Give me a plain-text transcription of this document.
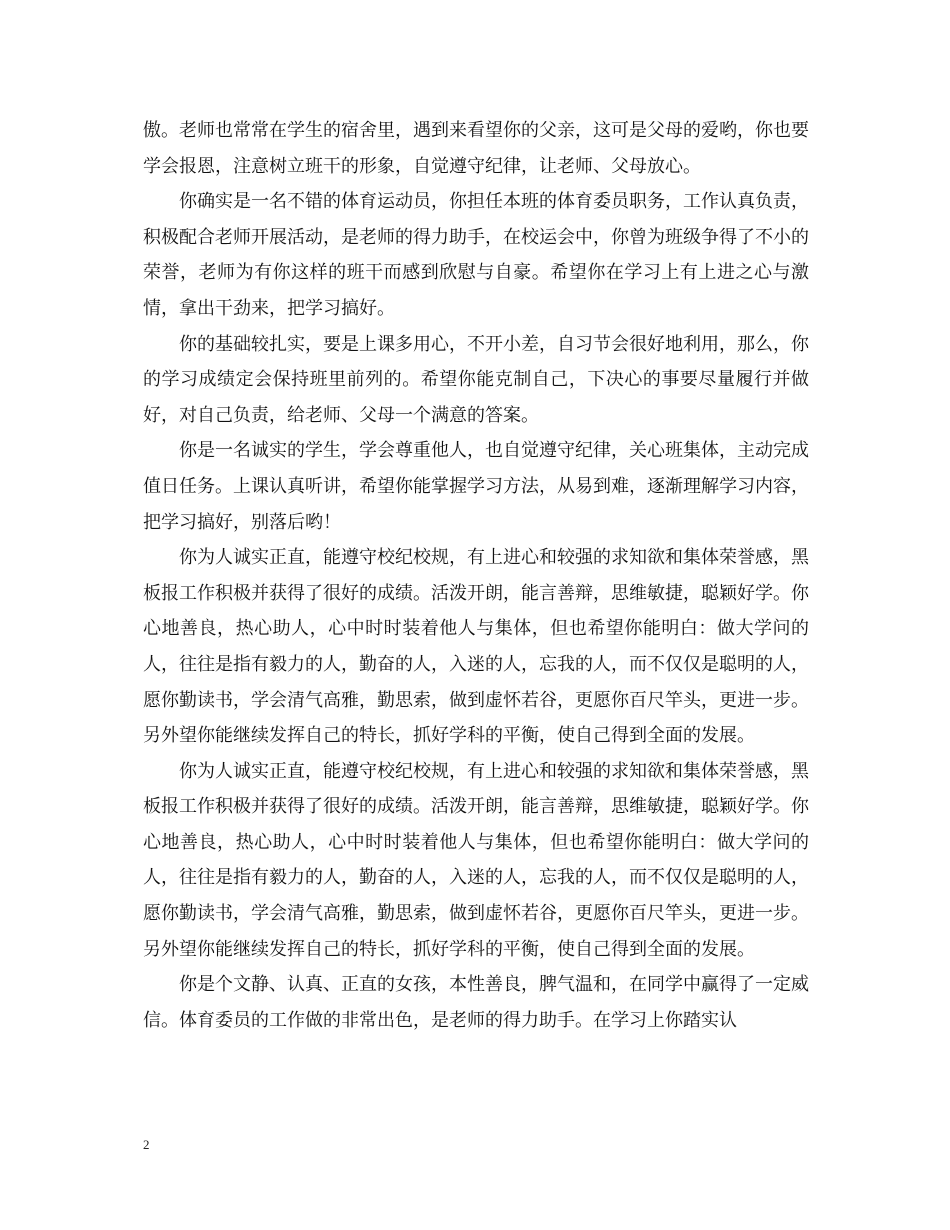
傲。老师也常常在学生的宿舍里，遇到来看望你的父亲，这可是父母的爱哟，你也要学会报恩，注意树立班干的形象，自觉遵守纪律，让老师、父母放心。

你确实是一名不错的体育运动员，你担任本班的体育委员职务，工作认真负责，积极配合老师开展活动，是老师的得力助手，在校运会中，你曾为班级争得了不小的荣誉，老师为有你这样的班干而感到欣慰与自豪。希望你在学习上有上进之心与激情，拿出干劲来，把学习搞好。

你的基础较扎实，要是上课多用心，不开小差，自习节会很好地利用，那么，你的学习成绩定会保持班里前列的。希望你能克制自己，下决心的事要尽量履行并做好，对自己负责，给老师、父母一个满意的答案。

你是一名诚实的学生，学会尊重他人，也自觉遵守纪律，关心班集体，主动完成值日任务。上课认真听讲，希望你能掌握学习方法，从易到难，逐渐理解学习内容，把学习搞好，别落后哟！

你为人诚实正直，能遵守校纪校规，有上进心和较强的求知欲和集体荣誉感，黑板报工作积极并获得了很好的成绩。活泼开朗，能言善辩，思维敏捷，聪颖好学。你心地善良，热心助人，心中时时装着他人与集体，但也希望你能明白：做大学问的人，往往是指有毅力的人，勤奋的人，入迷的人，忘我的人，而不仅仅是聪明的人，愿你勤读书，学会清气高雅，勤思索，做到虚怀若谷，更愿你百尺竿头，更进一步。另外望你能继续发挥自己的特长，抓好学科的平衡，使自己得到全面的发展。

你为人诚实正直，能遵守校纪校规，有上进心和较强的求知欲和集体荣誉感，黑板报工作积极并获得了很好的成绩。活泼开朗，能言善辩，思维敏捷，聪颖好学。你心地善良，热心助人，心中时时装着他人与集体，但也希望你能明白：做大学问的人，往往是指有毅力的人，勤奋的人，入迷的人，忘我的人，而不仅仅是聪明的人，愿你勤读书，学会清气高雅，勤思索，做到虚怀若谷，更愿你百尺竿头，更进一步。另外望你能继续发挥自己的特长，抓好学科的平衡，使自己得到全面的发展。

你是个文静、认真、正直的女孩，本性善良，脾气温和，在同学中赢得了一定威信。体育委员的工作做的非常出色，是老师的得力助手。在学习上你踏实认

2
